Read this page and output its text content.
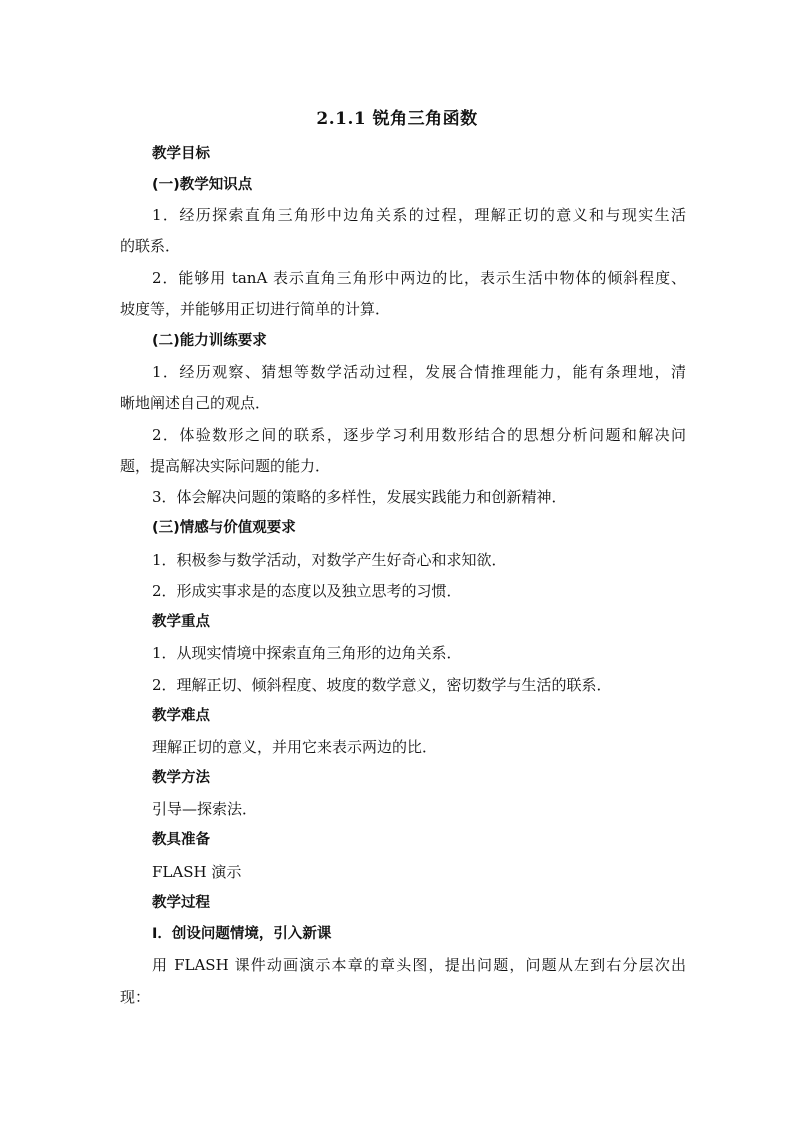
2.1.1 锐角三角函数
教学目标
(一)教学知识点
1．经历探索直角三角形中边角关系的过程，理解正切的意义和与现实生活
的联系．
2．能够用 tanA 表示直角三角形中两边的比，表示生活中物体的倾斜程度、
坡度等，并能够用正切进行简单的计算．
(二)能力训练要求
1．经历观察、猜想等数学活动过程，发展合情推理能力，能有条理地，清
晰地阐述自己的观点．
2．体验数形之间的联系，逐步学习利用数形结合的思想分析问题和解决问
题，提高解决实际问题的能力．
3．体会解决问题的策略的多样性，发展实践能力和创新精神．
(三)情感与价值观要求
1．积极参与数学活动，对数学产生好奇心和求知欲．
2．形成实事求是的态度以及独立思考的习惯．
教学重点
1．从现实情境中探索直角三角形的边角关系．
2．理解正切、倾斜程度、坡度的数学意义，密切数学与生活的联系．
教学难点
理解正切的意义，并用它来表示两边的比．
教学方法
引导—探索法．
教具准备
FLASH 演示
教学过程
Ⅰ．创设问题情境，引入新课
用 FLASH 课件动画演示本章的章头图，提出问题，问题从左到右分层次出
现：
